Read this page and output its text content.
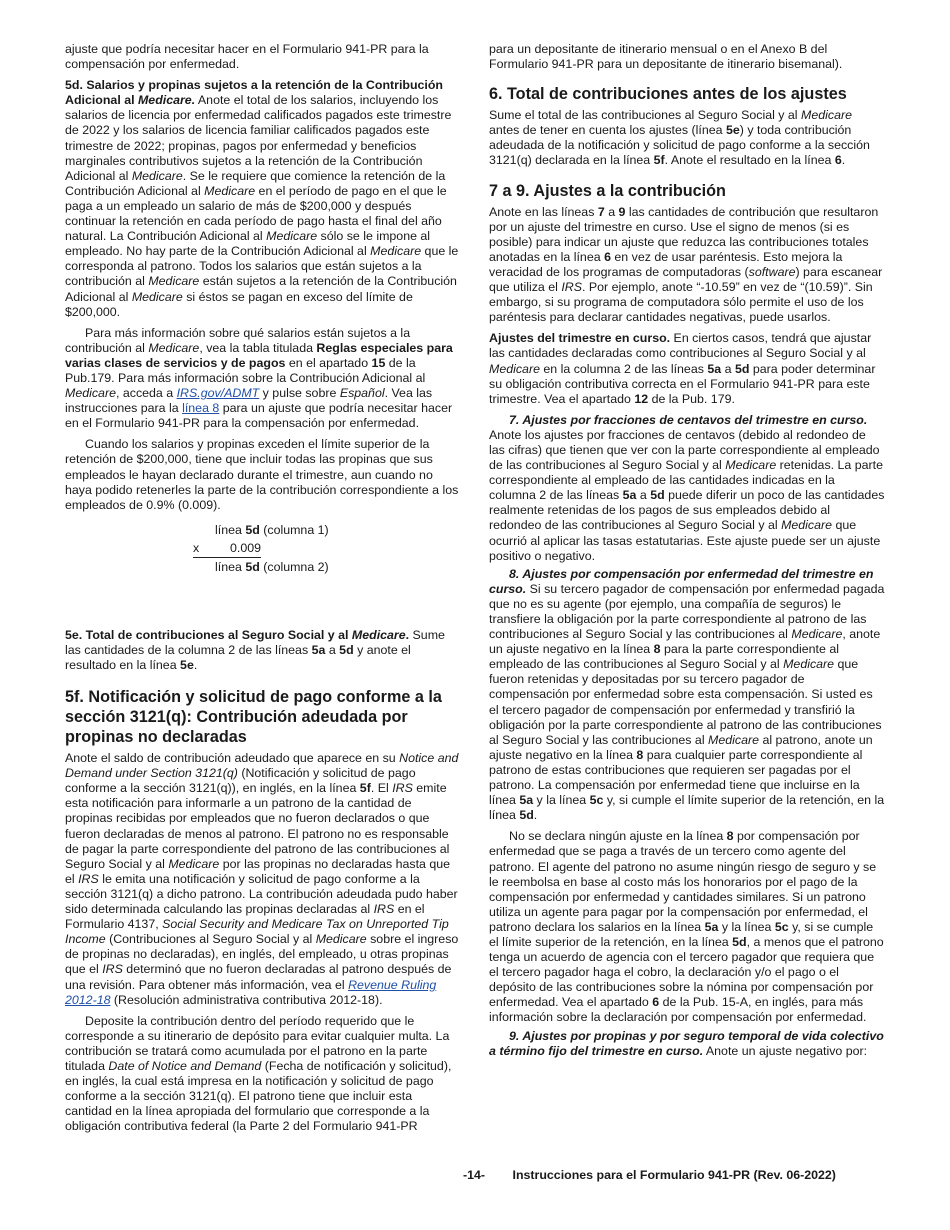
ajuste que podría necesitar hacer en el Formulario 941-PR para la compensación por enfermedad.

5d. Salarios y propinas sujetos a la retención de la Contribución Adicional al Medicare. Anote el total de los salarios, incluyendo los salarios de licencia por enfermedad calificados pagados este trimestre de 2022 y los salarios de licencia familiar calificados pagados este trimestre de 2022; propinas, pagos por enfermedad y beneficios marginales contributivos sujetos a la retención de la Contribución Adicional al Medicare. Se le requiere que comience la retención de la Contribución Adicional al Medicare en el período de pago en el que le paga a un empleado un salario de más de $200,000 y después continuar la retención en cada período de pago hasta el final del año natural. La Contribución Adicional al Medicare sólo se le impone al empleado. No hay parte de la Contribución Adicional al Medicare que le corresponda al patrono. Todos los salarios que están sujetos a la contribución al Medicare están sujetos a la retención de la Contribución Adicional al Medicare si éstos se pagan en exceso del límite de $200,000.

Para más información sobre qué salarios están sujetos a la contribución al Medicare, vea la tabla titulada Reglas especiales para varias clases de servicios y de pagos en el apartado 15 de la Pub.179. Para más información sobre la Contribución Adicional al Medicare, acceda a IRS.gov/ADMT y pulse sobre Español. Vea las instrucciones para la línea 8 para un ajuste que podría necesitar hacer en el Formulario 941-PR para la compensación por enfermedad.

Cuando los salarios y propinas exceden el límite superior de la retención de $200,000, tiene que incluir todas las propinas que sus empleados le hayan declarado durante el trimestre, aun cuando no haya podido retenerles la parte de la contribución correspondiente a los empleados de 0.9% (0.009).

línea
5d
(columna 1)
x	0.009
línea
5d
(columna 2)

5e. Total de contribuciones al Seguro Social y al Medicare. Sume las cantidades de la columna 2 de las líneas 5a a 5d y anote el resultado en la línea 5e.

5f. Notificación y solicitud de pago conforme a la sección 3121(q): Contribución adeudada por propinas no declaradas

Anote el saldo de contribución adeudado que aparece en su Notice and Demand under Section 3121(q) (Notificación y solicitud de pago conforme a la sección 3121(q)), en inglés, en la línea 5f. El IRS emite esta notificación para informarle a un patrono de la cantidad de propinas recibidas por empleados que no fueron declarados o que fueron declaradas de menos al patrono. El patrono no es responsable de pagar la parte correspondiente del patrono de las contribuciones al Seguro Social y al Medicare por las propinas no declaradas hasta que el IRS le emita una notificación y solicitud de pago conforme a la sección 3121(q) a dicho patrono. La contribución adeudada pudo haber sido determinada calculando las propinas declaradas al IRS en el Formulario 4137, Social Security and Medicare Tax on Unreported Tip Income (Contribuciones al Seguro Social y al Medicare sobre el ingreso de propinas no declaradas), en inglés, del empleado, u otras propinas que el IRS determinó que no fueron declaradas al patrono después de una revisión. Para obtener más información, vea el Revenue Ruling 2012-18 (Resolución administrativa contributiva 2012-18).

Deposite la contribución dentro del período requerido que le corresponde a su itinerario de depósito para evitar cualquier multa. La contribución se tratará como acumulada por el patrono en la parte titulada Date of Notice and Demand (Fecha de notificación y solicitud), en inglés, la cual está impresa en la notificación y solicitud de pago conforme a la sección 3121(q). El patrono tiene que incluir esta cantidad en la línea apropiada del formulario que corresponde a la obligación contributiva federal (la Parte 2 del Formulario 941-PR

para un depositante de itinerario mensual o en el Anexo B del Formulario 941-PR para un depositante de itinerario bisemanal).

6. Total de contribuciones antes de los ajustes

Sume el total de las contribuciones al Seguro Social y al Medicare antes de tener en cuenta los ajustes (línea 5e) y toda contribución adeudada de la notificación y solicitud de pago conforme a la sección 3121(q) declarada en la línea 5f. Anote el resultado en la línea 6.

7 a 9. Ajustes a la contribución

Anote en las líneas 7 a 9 las cantidades de contribución que resultaron por un ajuste del trimestre en curso. Use el signo de menos (si es posible) para indicar un ajuste que reduzca las contribuciones totales anotadas en la línea 6 en vez de usar paréntesis. Esto mejora la veracidad de los programas de computadoras (software) para escanear que utiliza el IRS. Por ejemplo, anote “-10.59” en vez de “(10.59)”. Sin embargo, si su programa de computadora sólo permite el uso de los paréntesis para declarar cantidades negativas, puede usarlos.

Ajustes del trimestre en curso. En ciertos casos, tendrá que ajustar las cantidades declaradas como contribuciones al Seguro Social y al Medicare en la columna 2 de las líneas 5a a 5d para poder determinar su obligación contributiva correcta en el Formulario 941-PR para este trimestre. Vea el apartado 12 de la Pub. 179.

7. Ajustes por fracciones de centavos del trimestre en curso. Anote los ajustes por fracciones de centavos (debido al redondeo de las cifras) que tienen que ver con la parte correspondiente al empleado de las contribuciones al Seguro Social y al Medicare retenidas. La parte correspondiente al empleado de las cantidades indicadas en la columna 2 de las líneas 5a a 5d puede diferir un poco de las cantidades realmente retenidas de los pagos de sus empleados debido al redondeo de las contribuciones al Seguro Social y al Medicare que ocurrió al aplicar las tasas estatutarias. Este ajuste puede ser un ajuste positivo o negativo.

8. Ajustes por compensación por enfermedad del trimestre en curso. Si su tercero pagador de compensación por enfermedad pagada que no es su agente (por ejemplo, una compañía de seguros) le transfiere la obligación por la parte correspondiente al patrono de las contribuciones al Seguro Social y las contribuciones al Medicare, anote un ajuste negativo en la línea 8 para la parte correspondiente al empleado de las contribuciones al Seguro Social y al Medicare que fueron retenidas y depositadas por su tercero pagador de compensación por enfermedad sobre esta compensación. Si usted es el tercero pagador de compensación por enfermedad y transfirió la obligación por la parte correspondiente al patrono de las contribuciones al Seguro Social y las contribuciones al Medicare al patrono, anote un ajuste negativo en la línea 8 para cualquier parte correspondiente al patrono de estas contribuciones que requieren ser pagadas por el patrono. La compensación por enfermedad tiene que incluirse en la línea 5a y la línea 5c y, si cumple el límite superior de la retención, en la línea 5d.

No se declara ningún ajuste en la línea 8 por compensación por enfermedad que se paga a través de un tercero como agente del patrono. El agente del patrono no asume ningún riesgo de seguro y se le reembolsa en base al costo más los honorarios por el pago de la compensación por enfermedad y cantidades similares. Si un patrono utiliza un agente para pagar por la compensación por enfermedad, el patrono declara los salarios en la línea 5a y la línea 5c y, si se cumple el límite superior de la retención, en la línea 5d, a menos que el patrono tenga un acuerdo de agencia con el tercero pagador que requiera que el tercero pagador haga el cobro, la declaración y/o el pago o el depósito de las contribuciones sobre la nómina por compensación por enfermedad. Vea el apartado 6 de la Pub. 15-A, en inglés, para más información sobre la declaración por compensación por enfermedad.

9. Ajustes por propinas y por seguro temporal de vida colectivo a término fijo del trimestre en curso. Anote un ajuste negativo por:

-14- Instrucciones para el Formulario 941-PR (Rev. 06-2022)
